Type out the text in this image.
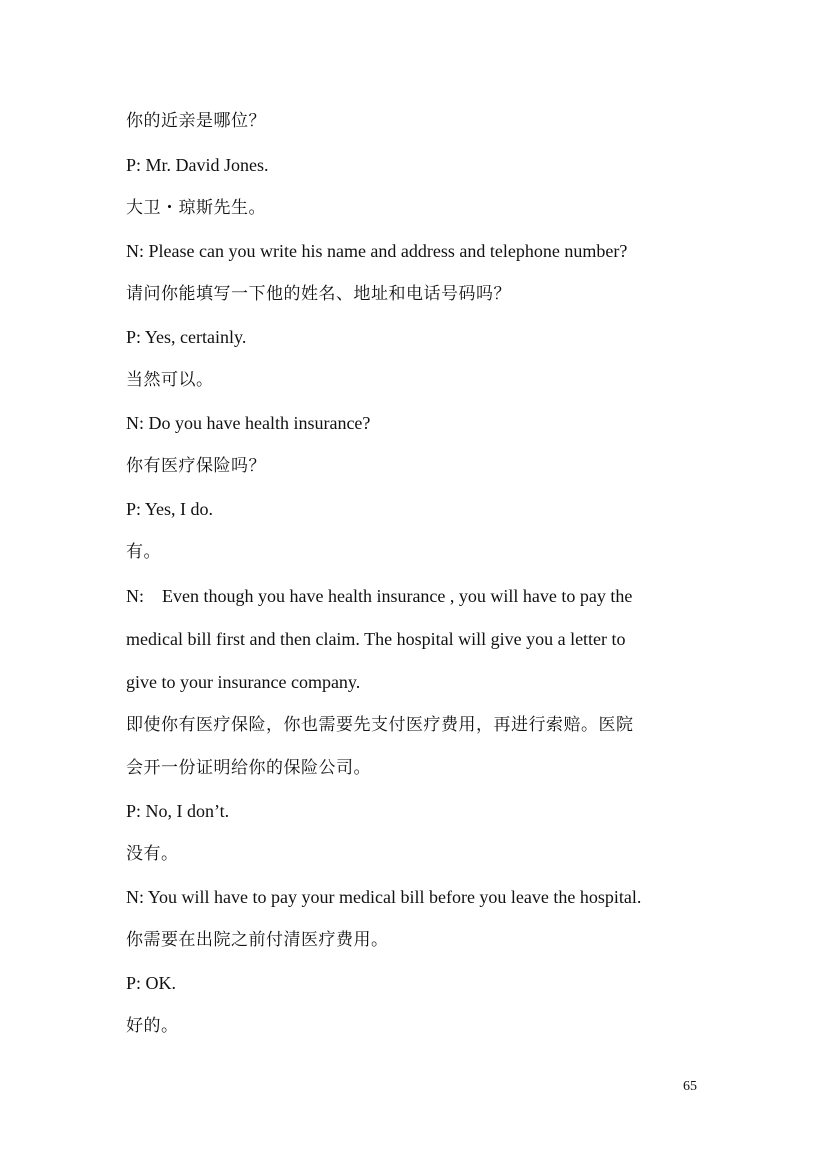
你的近亲是哪位？
P: Mr. David Jones.
大卫・琼斯先生。
N: Please can you write his name and address and telephone number?
请问你能填写一下他的姓名、地址和电话号码吗？
P: Yes, certainly.
当然可以。
N: Do you have health insurance?
你有医疗保险吗？
P: Yes, I do.
有。
N:    Even though you have health insurance , you will have to pay the
medical bill first and then claim. The hospital will give you a letter to
give to your insurance company.
即使你有医疗保险，你也需要先支付医疗费用，再进行索赔。医院
会开一份证明给你的保险公司。
P: No, I don’t.
没有。
N: You will have to pay your medical bill before you leave the hospital.
你需要在出院之前付清医疗费用。
P: OK.
好的。
65
